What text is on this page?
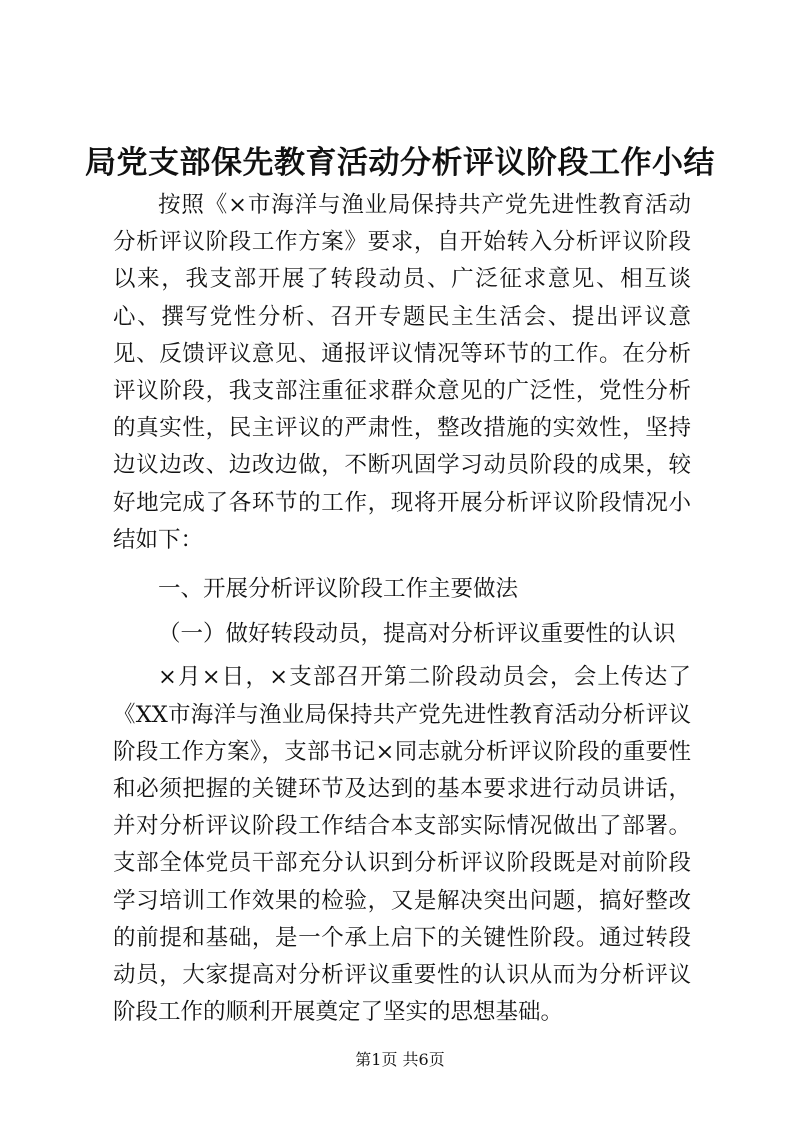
局党支部保先教育活动分析评议阶段工作小结

按照《×市海洋与渔业局保持共产党先进性教育活动分析评议阶段工作方案》要求，自开始转入分析评议阶段以来，我支部开展了转段动员、广泛征求意见、相互谈心、撰写党性分析、召开专题民主生活会、提出评议意见、反馈评议意见、通报评议情况等环节的工作。在分析评议阶段，我支部注重征求群众意见的广泛性，党性分析的真实性，民主评议的严肃性，整改措施的实效性，坚持边议边改、边改边做，不断巩固学习动员阶段的成果，较好地完成了各环节的工作，现将开展分析评议阶段情况小结如下：

一、开展分析评议阶段工作主要做法

（一）做好转段动员，提高对分析评议重要性的认识

×月×日，×支部召开第二阶段动员会，会上传达了《XX市海洋与渔业局保持共产党先进性教育活动分析评议阶段工作方案》，支部书记×同志就分析评议阶段的重要性和必须把握的关键环节及达到的基本要求进行动员讲话，并对分析评议阶段工作结合本支部实际情况做出了部署。支部全体党员干部充分认识到分析评议阶段既是对前阶段学习培训工作效果的检验，又是解决突出问题，搞好整改的前提和基础，是一个承上启下的关键性阶段。通过转段动员，大家提高对分析评议重要性的认识从而为分析评议阶段工作的顺利开展奠定了坚实的思想基础。

第1页 共6页
